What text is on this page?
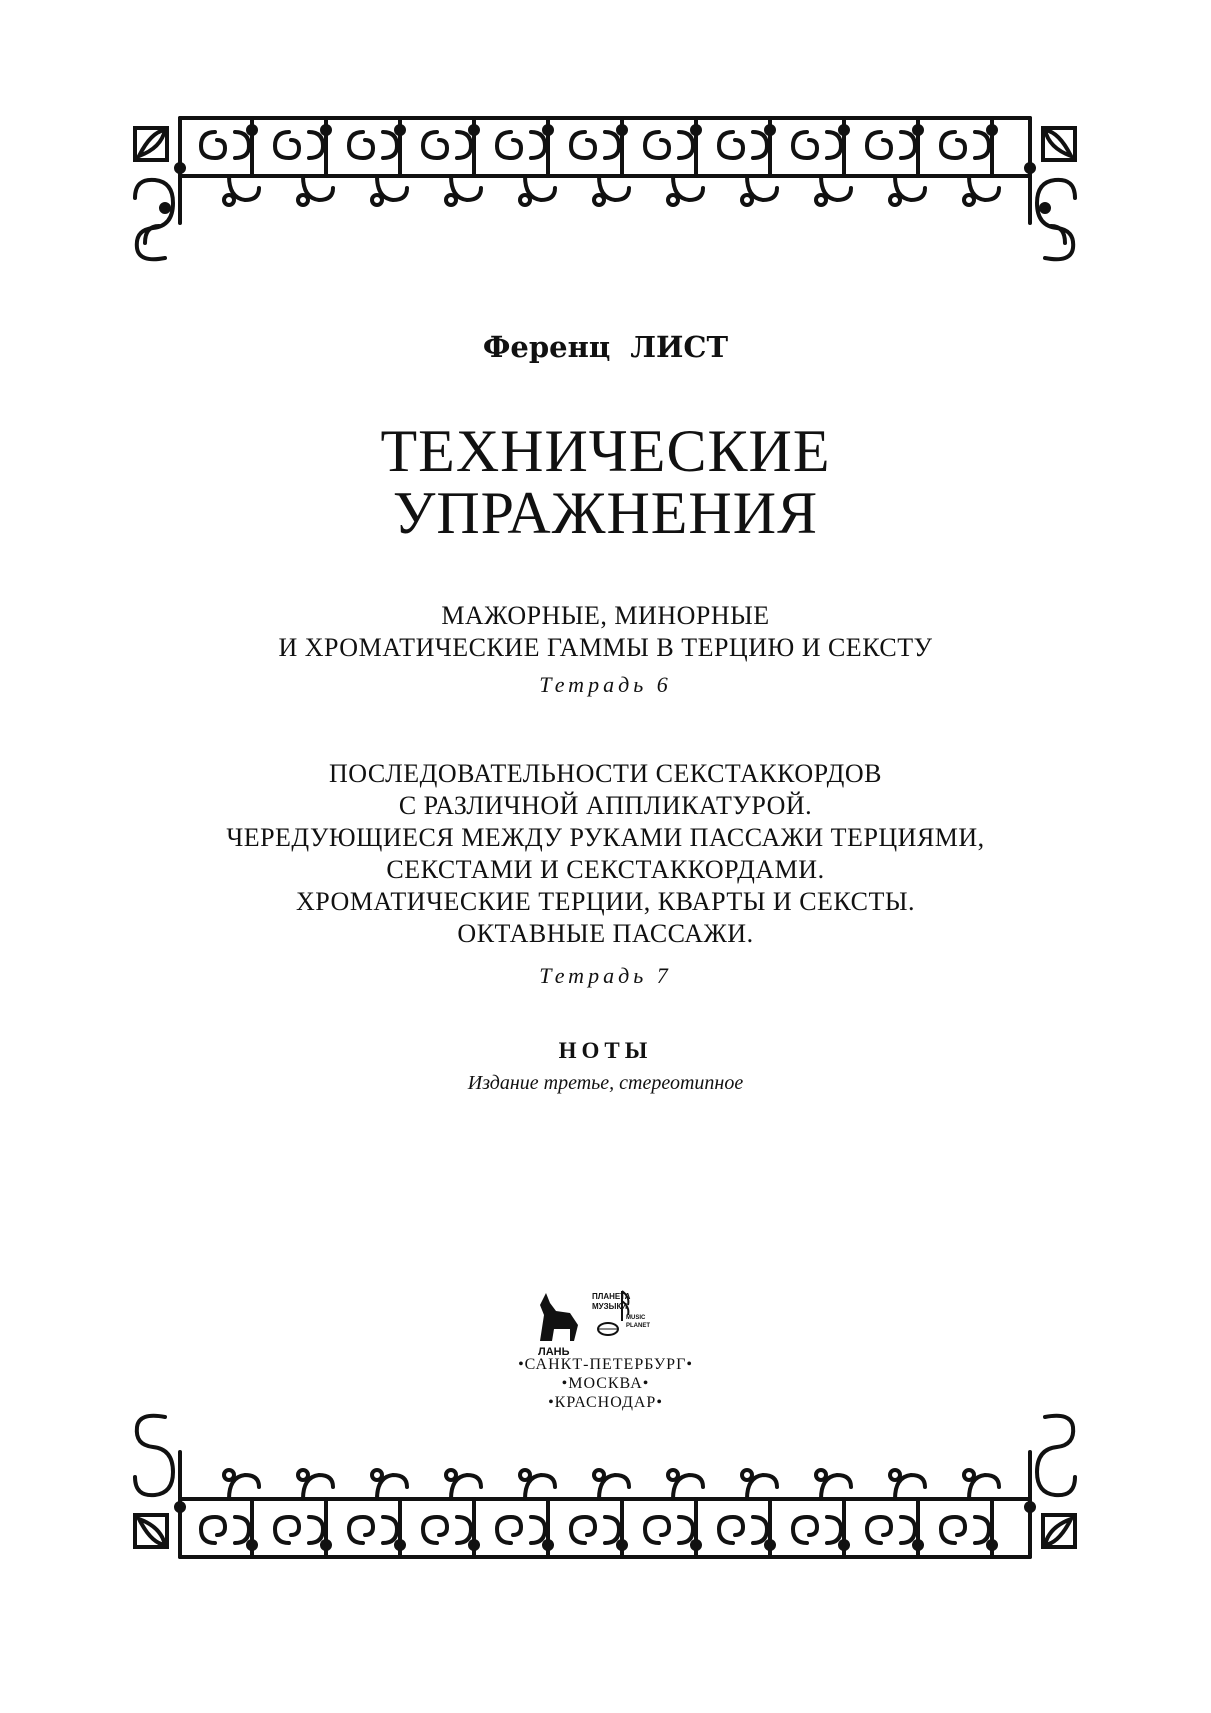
Ференц ЛИСТ
ТЕХНИЧЕСКИЕ
УПРАЖНЕНИЯ
МАЖОРНЫЕ, МИНОРНЫЕ
И ХРОМАТИЧЕСКИЕ ГАММЫ В ТЕРЦИЮ И СЕКСТУ
Тетрадь 6
ПОСЛЕДОВАТЕЛЬНОСТИ СЕКСТАККОРДОВ
С РАЗЛИЧНОЙ АППЛИКАТУРОЙ.
ЧЕРЕДУЮЩИЕСЯ МЕЖДУ РУКАМИ ПАССАЖИ ТЕРЦИЯМИ,
СЕКСТАМИ И СЕКСТАККОРДАМИ.
ХРОМАТИЧЕСКИЕ ТЕРЦИИ, КВАРТЫ И СЕКСТЫ.
ОКТАВНЫЕ ПАССАЖИ.
Тетрадь 7
НОТЫ
Издание третье, стереотипное
ЛАНЬ
ПЛАНЕТА
МУЗЫКИ
MUSIC
PLANET
•САНКТ-ПЕТЕРБУРГ•
•МОСКВА•
•КРАСНОДАР•
